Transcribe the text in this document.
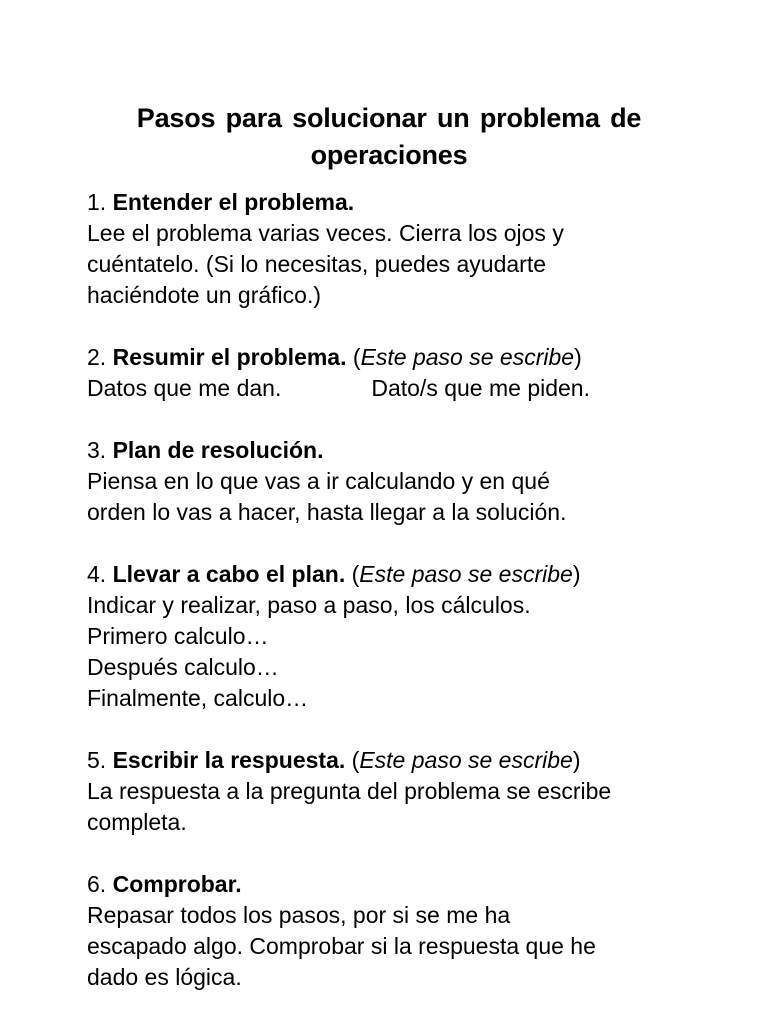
Pasos para solucionar un problema de
operaciones
1. Entender el problema.
Lee el problema varias veces. Cierra los ojos y
cuéntatelo. (Si lo necesitas, puedes ayudarte
haciéndote un gráfico.)
2. Resumir el problema. (Este paso se escribe)
Datos que me dan.	Dato/s que me piden.
3. Plan de resolución.
Piensa en lo que vas a ir calculando y en qué
orden lo vas a hacer, hasta llegar a la solución.
4. Llevar a cabo el plan. (Este paso se escribe)
Indicar y realizar, paso a paso, los cálculos.
Primero calculo…
Después calculo…
Finalmente, calculo…
5. Escribir la respuesta. (Este paso se escribe)
La respuesta a la pregunta del problema se escribe
completa.
6. Comprobar.
Repasar todos los pasos, por si se me ha
escapado algo. Comprobar si la respuesta que he
dado es lógica.
